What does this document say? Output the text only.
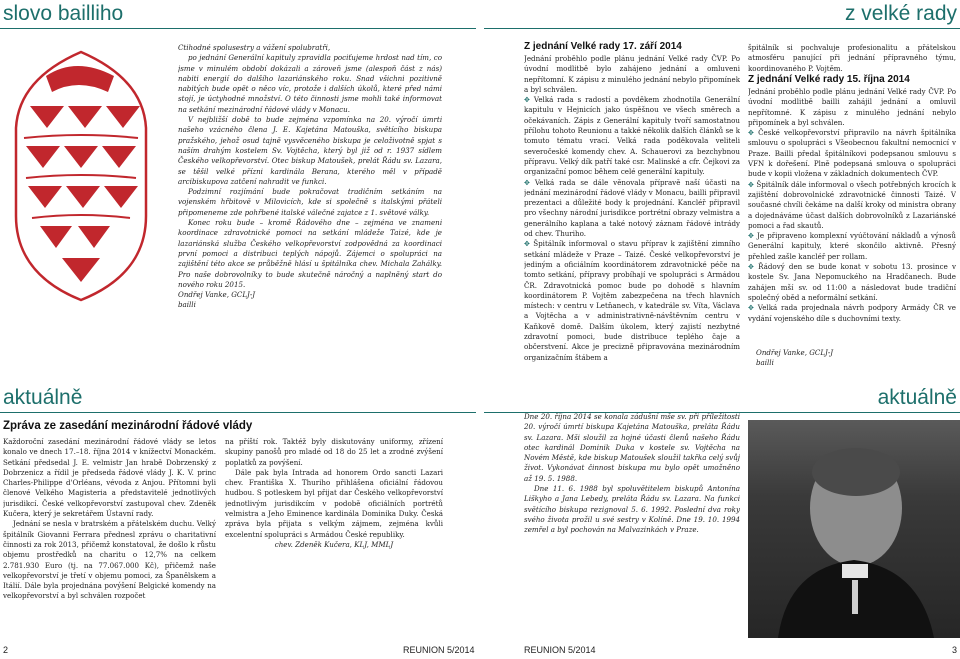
slovo bailliho	z velké rady

Ctihodné spolusestry a vážení spolubratři,

po jednání Generální kapituly zpravidla pociťujeme hrdost nad tím, co jsme v minulém období dokázali a zároveň jsme (alespoň část z nás) nabiti energií do dalšího lazariánského roku. Snad všichni pozitivně nabitých bude opět o něco víc, protože i dalších úkolů, které před námi stojí, je úctyhodné množství. O této činnosti jsme mohli také informovat na setkání mezinárodní řádové vlády v Monacu.

V nejbližší době to bude zejména vzpomínka na 20. výročí úmrtí našeho vzácného člena J. E. Kajetána Matouška, světícího biskupa pražského, jehož osud tajně vysvěceného biskupa je celoživotně spjat s naším drahým kostelem Sv. Vojtěcha, který byl již od r. 1937 sídlem Českého velkopřevorství. Otec biskup Matoušek, prelát Řádu sv. Lazara, se těšil velké přízni kardinála Berana, kterého měl v případě arcibiskupova zatčení nahradit ve funkci.

Podzimní rozjímání bude pokračovat tradičním setkáním na vojenském hřbitově v Milovicích, kde si společně s italskými přáteli připomeneme zde pohřbené italské válečné zajatce z 1. světové války.

Konec roku bude – kromě Řádového dne – zejména ve znamení koordinace zdravotnické pomoci na setkání mládeže Taizé, kde je lazariánská služba Českého velkopřevorství zodpovědná za koordinaci první pomoci a distribuci teplých nápojů. Zájemci o spolupráci na zajištění této akce se průběžně hlásí u špitálníka chev. Michala Zahálky. Pro naše dobrovolníky to bude skutečně náročný a naplněný start do nového roku 2015.

Ondřej Vanke, GCLJ-J

bailli

aktuálně
Zpráva ze zasedání mezinárodní řádové vlády

Každoroční zasedání mezinárodní řádové vlády se letos konalo ve dnech 17.–18. října 2014 v knížectví Monackém. Setkání předsedal J. E. velmistr Jan hrabě Dobrzenský z Dobrzenicz a řídil je předseda řádové vlády J. K. V. princ Charles-Philippe d'Orléans, vévoda z Anjou. Přítomni byli členové Velkého Magisteria a představitelé jednotlivých jurisdikcí. České velkopřevorství zastupoval chev. Zdeněk Kučera, který je sekretářem Ústavní rady.

Jednání se nesla v bratrském a přátelském duchu. Velký špitálník Giovanni Ferrara přednesl zprávu o charitativní činnosti za rok 2013, přičemž konstatoval, že došlo k růstu objemu prostředků na charitu o 12,7% na celkem 2.781.930 Euro (tj. na 77.067.000 Kč), přičemž naše velkopřevorství je třetí v objemu pomoci, za Španělskem a Itálií. Dále byla projednána povýšení Belgické komendy na velkopřevorství a byl schválen rozpočet

na příští rok. Taktéž byly diskutovány uniformy, zřízení skupiny panošů pro mladé od 18 do 25 let a zrodné zvýšení poplatků za povýšení.

Dále pak byla Intrada ad honorem Ordo sancti Lazari chev. Františka X. Thuriho přihlášena oficiální řádovou hudbou. S potleskem byl přijat dar Českého velkopřevorství jednotlivým jurisdikcím v podobě oficiálních portrétů velmistra a Jeho Eminence kardinála Dominika Duky. Česká zpráva byla přijata s velkým zájmem, zejména kvůli excelentní spolupráci s Armádou České republiky.

chev. Zdeněk Kučera, KLJ, MMLJ

Z jednání Velké rady 17. září 2014

Jednání proběhlo podle plánu jednání Velké rady ČVP. Po úvodní modlitbě bylo zahájeno jednání a omluveni nepřítomní. K zápisu z minulého jednání nebylo připomínek a byl schválen.

✥ Velká rada s radostí a povděkem zhodnotila Generální kapitulu v Hejnicích jako úspěšnou ve všech směrech a očekávaních. Zápis z Generální kapituly tvoří samostatnou přílohu tohoto Reunionu a takké několik dalších článků se k tomuto tématu vrací. Velká rada poděkovala veliteli severočeské komendy chev. A. Schauerovi za bezchybnou přípravu. Velký dík patří také csr. Malinské a cfr. Čejkovi za organizační pomoc během celé generální kapituly.

✥ Velká rada se dále věnovala přípravě naší účasti na jednání mezinárodní řádové vlády v Monacu, bailli připravil prezentaci a důležité body k projednání. Kancléř připravil pro všechny národní jurisdikce portrétní obrazy velmistra a generálního kaplana a také notový záznam řádové intrády od chev. Thuriho.

✥ Špitálník informoval o stavu příprav k zajištění zimního setkání mládeže v Praze – Taizé. České velkopřevorství je jediným a oficiálním koordinátorem zdravotnické péče na tomto setkání, přípravy probíhají ve spolupráci s Armádou ČR. Zdravotnická pomoc bude po dohodě s hlavním koordinátorem P. Vojtěm zabezpečena na třech hlavních místech: v centru v Letňanech, v katedrále sv. Víta, Václava a Vojtěcha a v administrativně-návštěvním centru v Kaňkově domě. Dalším úkolem, který zajistí nezbytné zdravotní pomoci, bude distribuce teplého čaje a občerstvení. Akce je precizně připravována mezinárodním organizačním štábem a

špitálník si pochvaluje profesionalitu a přátelskou atmosféru panující při jednání přípravného týmu, koordinovaného P. Vojtěm.

Z jednání Velké rady 15. října 2014

Jednání proběhlo podle plánu jednání Velké rady ČVP. Po úvodní modlitbě bailli zahájil jednání a omluvil nepřítomné. K zápisu z minulého jednání nebylo připomínek a byl schválen.

✥ České velkopřevorství připravilo na návrh špitálníka smlouvu o spolupráci s Všeobecnou fakultní nemocnicí v Praze. Bailli předal špitálníkovi podepsanou smlouvu s VFN k dořešení. Plně podepsaná smlouva o spolupráci bude v kopii vložena v základních dokumentech ČVP.

✥ Špitálník dále informoval o všech potřebných krocích k zajištění dobrovolnické zdravotnické činnosti Taizé. V současné chvíli čekáme na další kroky od ministra obrany a dojednáváme účast dalších dobrovolníků z Lazariánské pomoci a řad skautů.

✥ Je připraveno komplexní vyúčtování nákladů a výnosů Generální kapituly, které skončilo aktivně. Přesný přehled zašle kancléř per rollam.

✥ Řádový den se bude konat v sobotu 13. prosince v kostele Sv. Jana Nepomuckého na Hradčanech. Bude zahájen mší sv. od 11:00 a následovat bude tradiční společný oběd a neformální setkání.

✥ Velká rada projednala návrh podpory Armády ČR ve vydání vojenského díle s duchovními texty.

Ondřej Vanke, GCLJ-J

bailli

aktuálně

Dne 20. října 2014 se konala zádušní mše sv. při příležitosti 20. výročí úmrtí biskupa Kajetána Matouška, preláta Řádu sv. Lazara. Mši sloužil za hojné účasti členů našeho Řádu otec kardinál Dominik Duka v kostele sv. Vojtěcha na Novém Městě, kde biskup Matoušek sloužil takřka celý svůj život. Vykonávat činnost biskupa mu bylo opět umožněno až 19. 5. 1988.

Dne 11. 6. 1988 byl spoluvětitelem biskupů Antonína Liškyho a Jana Lebedy, preláta Řádu sv. Lazara. Na funkci světícího biskupa rezignoval 5. 6. 1992. Poslední dva roky svého života prožil u své sestry v Kolíně. Dne 19. 10. 1994 zemřel a byl pochován na Malvazinkách v Praze.

2	REUNION 5/2014	REUNION 5/2014	3
